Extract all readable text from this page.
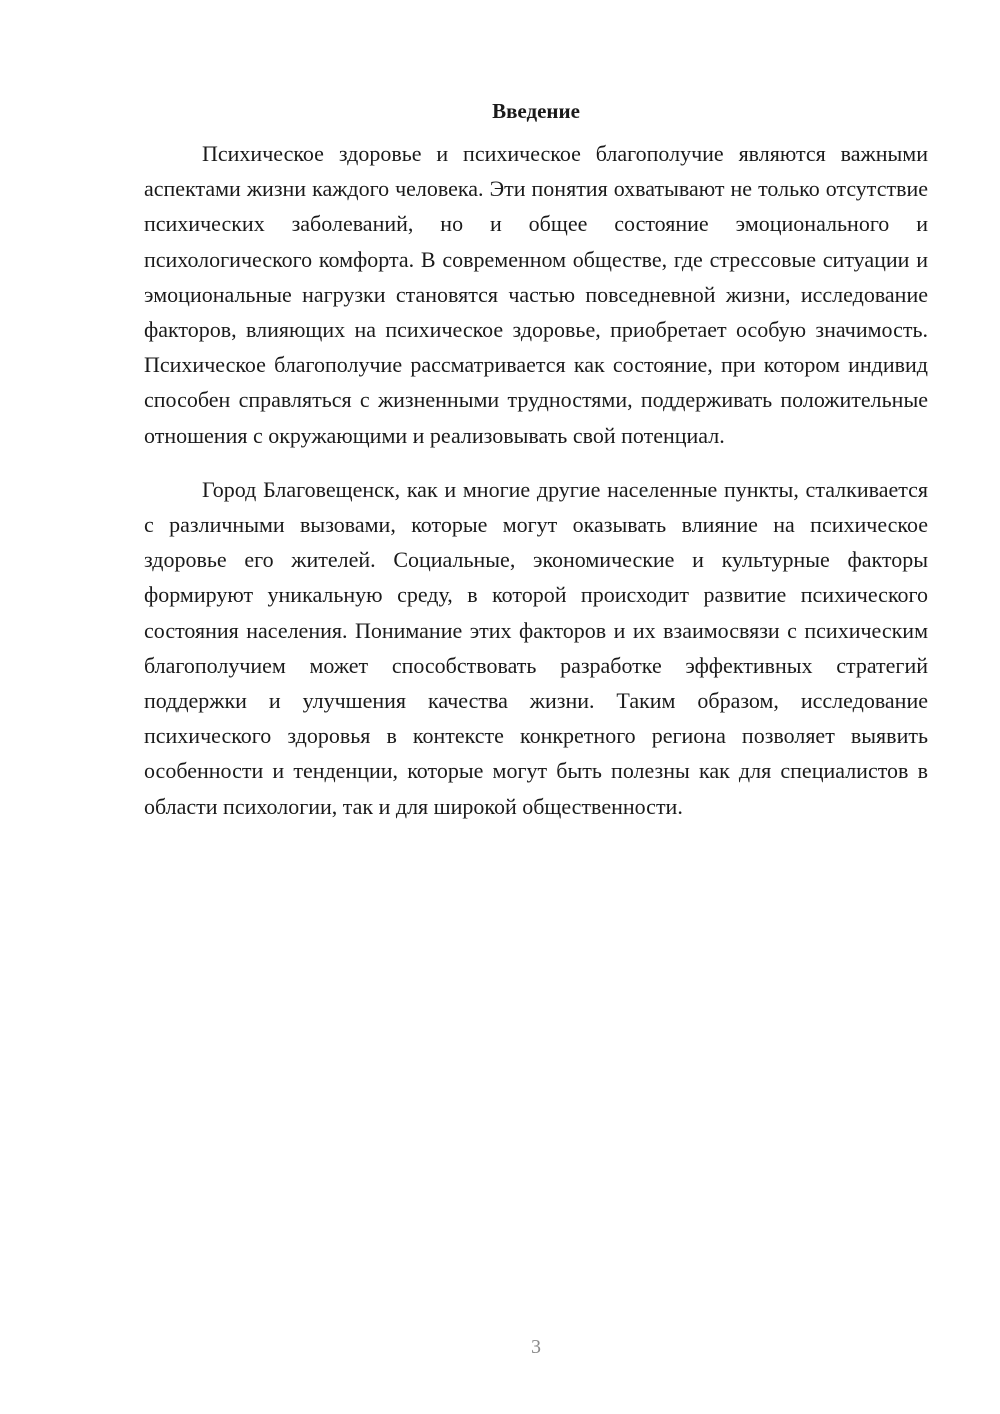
Введение

Психическое здоровье и психическое благополучие являются важными аспектами жизни каждого человека. Эти понятия охватывают не только отсутствие психических заболеваний, но и общее состояние эмоционального и психологического комфорта. В современном обществе, где стрессовые ситуации и эмоциональные нагрузки становятся частью повседневной жизни, исследование факторов, влияющих на психическое здоровье, приобретает особую значимость. Психическое благополучие рассматривается как состояние, при котором индивид способен справляться с жизненными трудностями, поддерживать положительные отношения с окружающими и реализовывать свой потенциал.

Город Благовещенск, как и многие другие населенные пункты, сталкивается с различными вызовами, которые могут оказывать влияние на психическое здоровье его жителей. Социальные, экономические и культурные факторы формируют уникальную среду, в которой происходит развитие психического состояния населения. Понимание этих факторов и их взаимосвязи с психическим благополучием может способствовать разработке эффективных стратегий поддержки и улучшения качества жизни. Таким образом, исследование психического здоровья в контексте конкретного региона позволяет выявить особенности и тенденции, которые могут быть полезны как для специалистов в области психологии, так и для широкой общественности.

3
